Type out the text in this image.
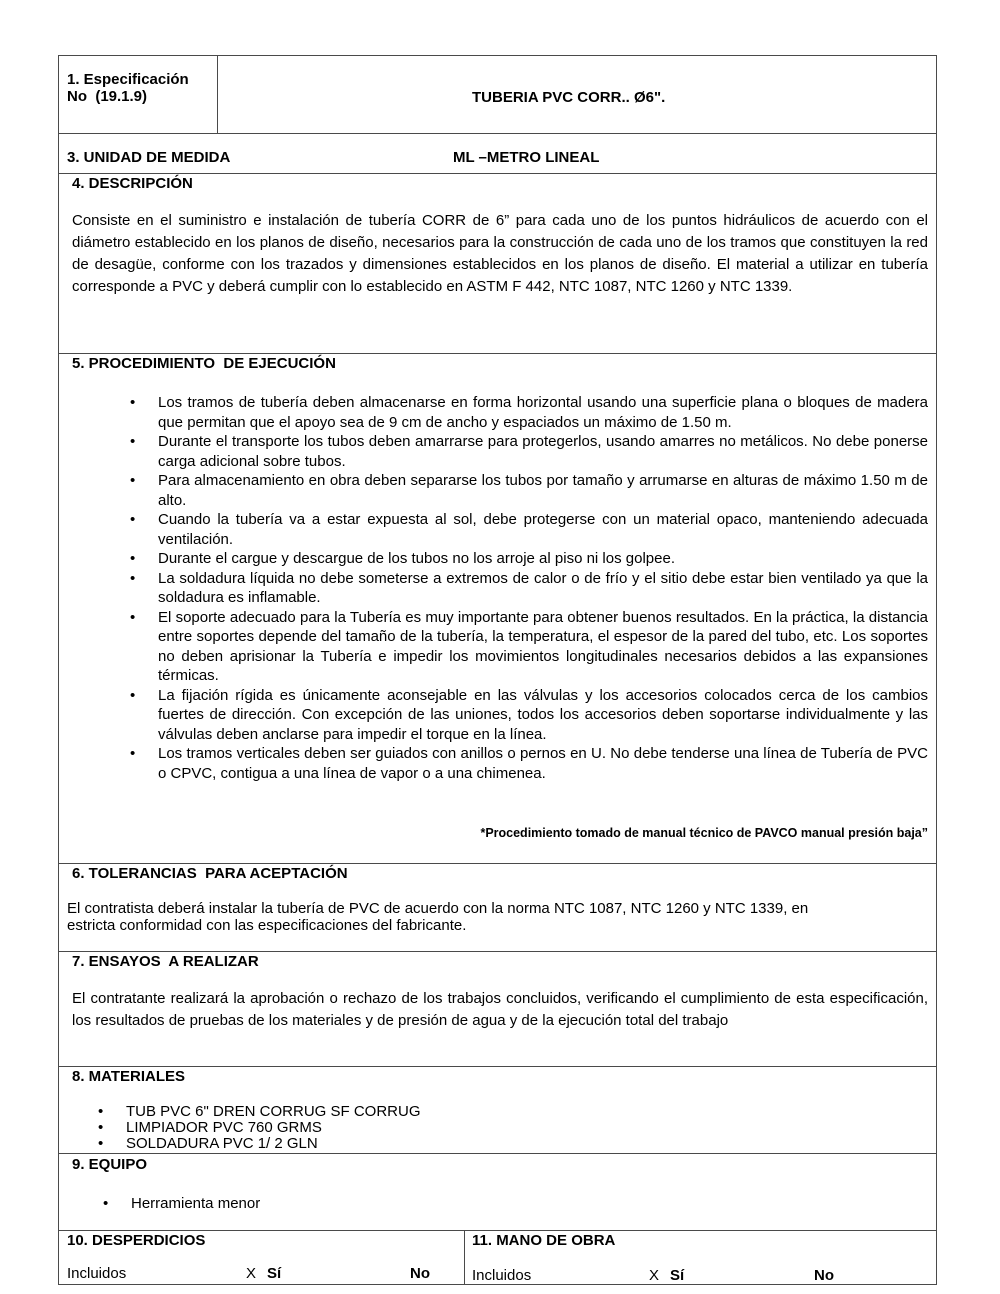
1. Especificación
No  (19.1.9)	TUBERIA PVC CORR.. Ø6".
3. UNIDAD DE MEDIDA	ML –METRO LINEAL
4. DESCRIPCIÓN
Consiste en el suministro e instalación de tubería CORR de 6” para cada uno de los puntos hidráulicos de acuerdo con el diámetro establecido en los planos de diseño, necesarios para la construcción de cada uno de los tramos que constituyen la red de desagüe, conforme con los trazados y dimensiones establecidos en los planos de diseño. El material a utilizar en tubería corresponde a PVC y deberá cumplir con lo establecido en ASTM F 442, NTC 1087, NTC 1260 y NTC 1339.
5. PROCEDIMIENTO  DE EJECUCIÓN
• Los tramos de tubería deben almacenarse en forma horizontal usando una superficie plana o bloques de madera que permitan que el apoyo sea de 9 cm de ancho y espaciados un máximo de 1.50 m.
• Durante el transporte los tubos deben amarrarse para protegerlos, usando amarres no metálicos. No debe ponerse carga adicional sobre tubos.
• Para almacenamiento en obra deben separarse los tubos por tamaño y arrumarse en alturas de máximo 1.50 m de alto.
• Cuando la tubería va a estar expuesta al sol, debe protegerse con un material opaco, manteniendo adecuada ventilación.
• Durante el cargue y descargue de los tubos no los arroje al piso ni los golpee.
• La soldadura líquida no debe someterse a extremos de calor o de frío y el sitio debe estar bien ventilado ya que la soldadura es inflamable.
• El soporte adecuado para la Tubería es muy importante para obtener buenos resultados. En la práctica, la distancia entre soportes depende del tamaño de la tubería, la temperatura, el espesor de la pared del tubo, etc. Los soportes no deben aprisionar la Tubería e impedir los movimientos longitudinales necesarios debidos a las expansiones térmicas.
• La fijación rígida es únicamente aconsejable en las válvulas y los accesorios colocados cerca de los cambios fuertes de dirección. Con excepción de las uniones, todos los accesorios deben soportarse individualmente y las válvulas deben anclarse para impedir el torque en la línea.
• Los tramos verticales deben ser guiados con anillos o pernos en U. No debe tenderse una línea de Tubería de PVC o CPVC, contigua a una línea de vapor o a una chimenea.
*Procedimiento tomado de manual técnico de PAVCO manual presión baja”
6. TOLERANCIAS  PARA ACEPTACIÓN
El contratista deberá instalar la tubería de PVC de acuerdo con la norma NTC 1087, NTC 1260 y NTC 1339, en
estricta conformidad con las especificaciones del fabricante.
7. ENSAYOS  A REALIZAR
El contratante realizará la aprobación o rechazo de los trabajos concluidos, verificando el cumplimiento de esta especificación, los resultados de pruebas de los materiales y de presión de agua y de la ejecución total del trabajo
8. MATERIALES
• TUB PVC 6" DREN CORRUG SF CORRUG
• LIMPIADOR PVC 760 GRMS
• SOLDADURA PVC 1/ 2 GLN
9. EQUIPO
• Herramienta menor
10. DESPERDICIOS
Incluidos	X Sí	No
11. MANO DE OBRA
Incluidos	X Sí	No
